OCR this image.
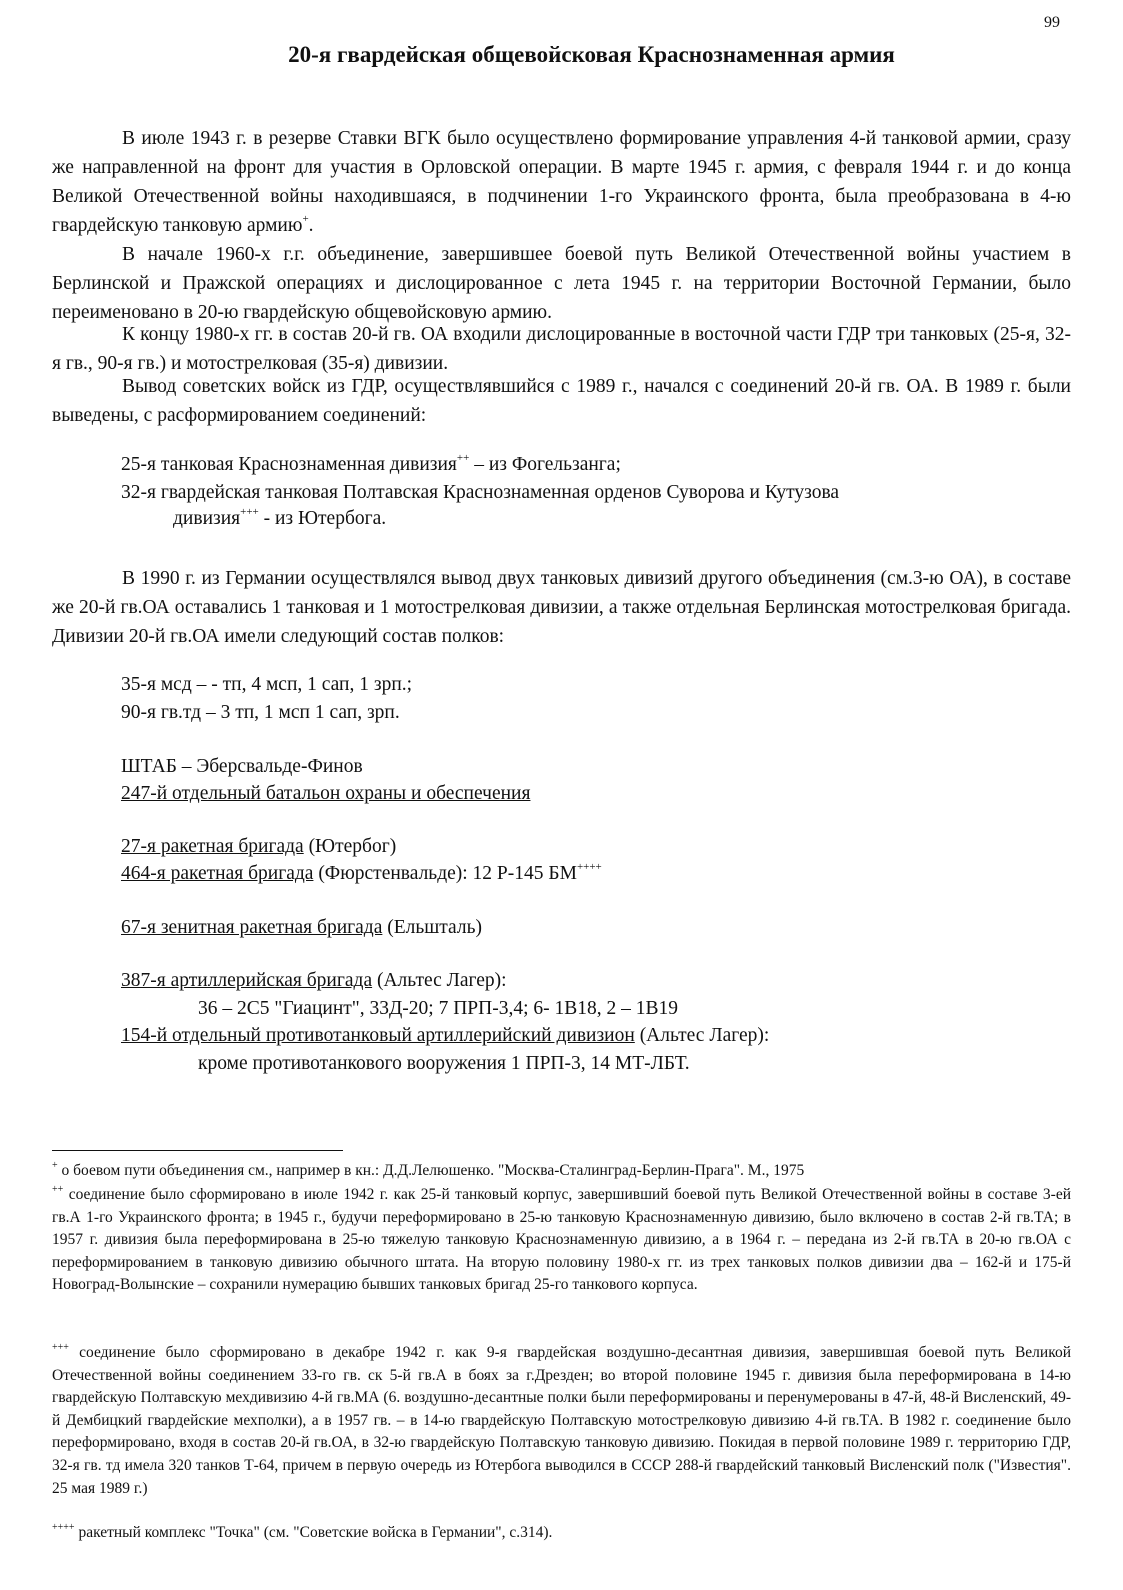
99
20-я гвардейская общевойсковая Краснознаменная армия

В июле 1943 г. в резерве Ставки ВГК было осуществлено формирование управления 4-й танковой армии, сразу же направленной на фронт для участия в Орловской операции. В марте 1945 г. армия, с февраля 1944 г. и до конца Великой Отечественной войны находившаяся, в подчинении 1-го Украинского фронта, была преобразована в 4-ю гвардейскую танковую армию+.

В начале 1960-х г.г. объединение, завершившее боевой путь Великой Отечественной войны участием в Берлинской и Пражской операциях и дислоцированное с лета 1945 г. на территории Восточной Германии, было переименовано в 20-ю гвардейскую общевойсковую армию.

К концу 1980-х гг. в состав 20-й гв. ОА входили дислоцированные в восточной части ГДР три танковых (25-я, 32-я гв., 90-я гв.) и мотострелковая (35-я) дивизии.

Вывод советских войск из ГДР, осуществлявшийся с 1989 г., начался с соединений 20-й гв. ОА. В 1989 г. были выведены, с расформированием соединений:

25-я танковая Краснознаменная дивизия++ – из Фогельзанга;
32-я гвардейская танковая Полтавская Краснознаменная орденов Суворова и Кутузова
дивизия+++ - из Ютербога.

В 1990 г. из Германии осуществлялся вывод двух танковых дивизий другого объединения (см.3-ю ОА), в составе же 20-й гв.ОА оставались 1 танковая и 1 мотострелковая дивизии, а также отдельная Берлинская мотострелковая бригада. Дивизии 20-й гв.ОА имели следующий состав полков:

35-я мсд – - тп, 4 мсп, 1 сап, 1 зрп.;
90-я гв.тд – 3 тп, 1 мсп 1 сап, зрп.
ШТАБ – Эберсвальде-Финов
247-й отдельный батальон охраны и обеспечения
27-я ракетная бригада (Ютербог)
464-я ракетная бригада (Фюрстенвальде): 12 Р-145 БМ++++
67-я зенитная ракетная бригада (Ельшталь)
387-я артиллерийская бригада (Альтес Лагер):
36 – 2С5 "Гиацинт", 33Д-20; 7 ПРП-3,4; 6- 1В18, 2 – 1В19
154-й отдельный противотанковый артиллерийский дивизион (Альтес Лагер):
кроме противотанкового вооружения 1 ПРП-3, 14 МТ-ЛБТ.

+ о боевом пути объединения см., например в кн.: Д.Д.Лелюшенко. "Москва-Сталинград-Берлин-Прага". М., 1975

++ соединение было сформировано в июле 1942 г. как 25-й танковый корпус, завершивший боевой путь Великой Отечественной войны в составе 3-ей гв.А 1-го Украинского фронта; в 1945 г., будучи переформировано в 25-ю танковую Краснознаменную дивизию, было включено в состав 2-й гв.ТА; в 1957 г. дивизия была переформирована в 25-ю тяжелую танковую Краснознаменную дивизию, а в 1964 г. – передана из 2-й гв.ТА в 20-ю гв.ОА с переформированием в танковую дивизию обычного штата. На вторую половину 1980-х гг. из трех танковых полков дивизии два – 162-й и 175-й Новоград-Волынские – сохранили нумерацию бывших танковых бригад 25-го танкового корпуса.

+++ соединение было сформировано в декабре 1942 г. как 9-я гвардейская воздушно-десантная дивизия, завершившая боевой путь Великой Отечественной войны соединением 33-го гв. ск 5-й гв.А в боях за г.Дрезден; во второй половине 1945 г. дивизия была переформирована в 14-ю гвардейскую Полтавскую мехдивизию 4-й гв.МА (6. воздушно-десантные полки были переформированы и перенумерованы в 47-й, 48-й Висленский, 49-й Дембицкий гвардейские мехполки), а в 1957 гв. – в 14-ю гвардейскую Полтавскую мотострелковую дивизию 4-й гв.ТА. В 1982 г. соединение было переформировано, входя в состав 20-й гв.ОА, в 32-ю гвардейскую Полтавскую танковую дивизию. Покидая в первой половине 1989 г. территорию ГДР, 32-я гв. тд имела 320 танков Т-64, причем в первую очередь из Ютербога выводился в СССР 288-й гвардейский танковый Висленский полк ("Известия". 25 мая 1989 г.)

++++ ракетный комплекс "Точка" (см. "Советские войска в Германии", с.314).
